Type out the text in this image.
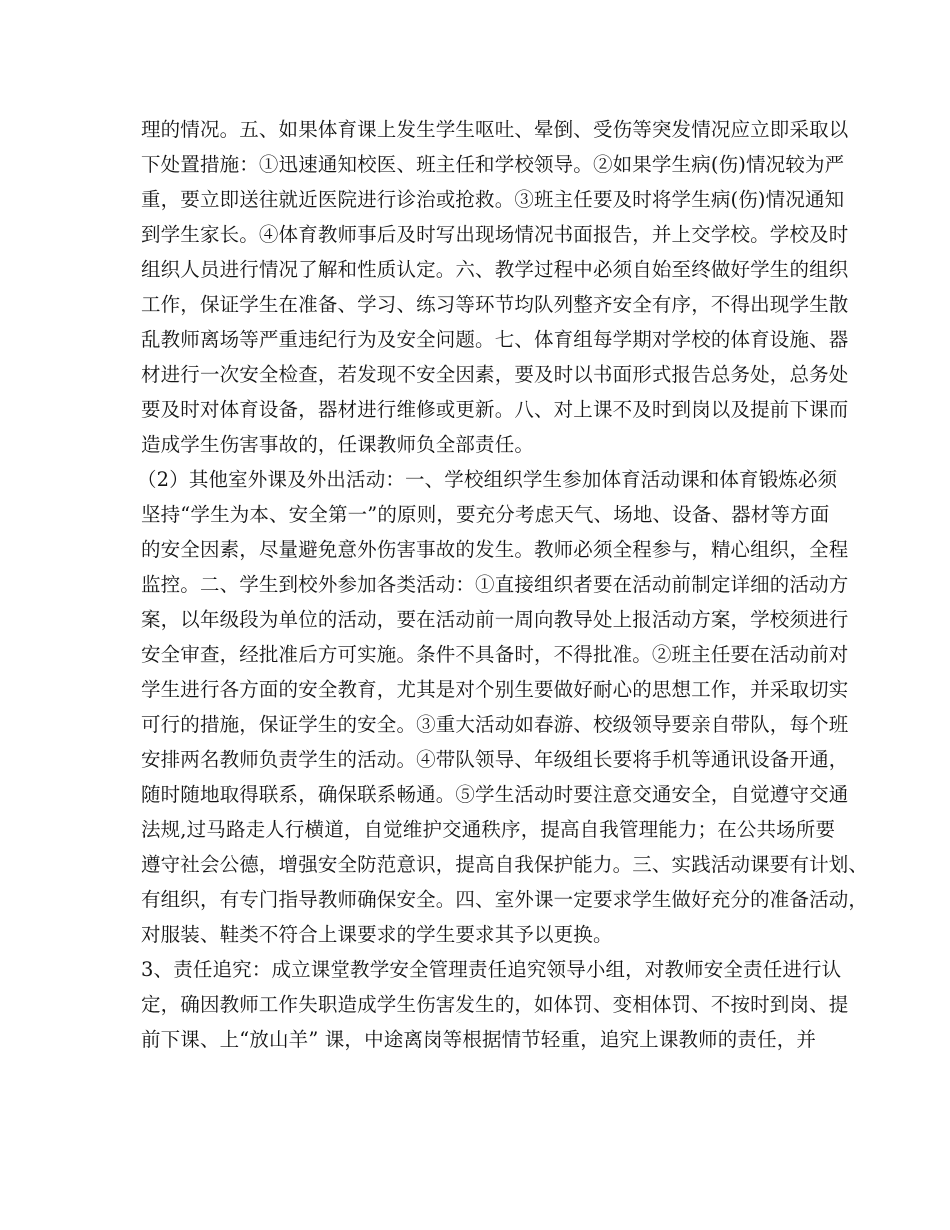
理的情况。五、如果体育课上发生学生呕吐、晕倒、受伤等突发情况应立即采取以
下处置措施：①迅速通知校医、班主任和学校领导。②如果学生病(伤)情况较为严
重，要立即送往就近医院进行诊治或抢救。③班主任要及时将学生病(伤)情况通知
到学生家长。④体育教师事后及时写出现场情况书面报告，并上交学校。学校及时
组织人员进行情况了解和性质认定。六、教学过程中必须自始至终做好学生的组织
工作，保证学生在准备、学习、练习等环节均队列整齐安全有序，不得出现学生散
乱教师离场等严重违纪行为及安全问题。七、体育组每学期对学校的体育设施、器
材进行一次安全检查，若发现不安全因素，要及时以书面形式报告总务处，总务处
要及时对体育设备，器材进行维修或更新。八、对上课不及时到岗以及提前下课而
造成学生伤害事故的，任课教师负全部责任。
（2）其他室外课及外出活动：一、学校组织学生参加体育活动课和体育锻炼必须
坚持“学生为本、安全第一”的原则，要充分考虑天气、场地、设备、器材等方面
的安全因素，尽量避免意外伤害事故的发生。教师必须全程参与，精心组织，全程
监控。二、学生到校外参加各类活动：①直接组织者要在活动前制定详细的活动方
案，以年级段为单位的活动，要在活动前一周向教导处上报活动方案，学校须进行
安全审查，经批准后方可实施。条件不具备时，不得批准。②班主任要在活动前对
学生进行各方面的安全教育，尤其是对个别生要做好耐心的思想工作，并采取切实
可行的措施，保证学生的安全。③重大活动如春游、校级领导要亲自带队，每个班
安排两名教师负责学生的活动。④带队领导、年级组长要将手机等通讯设备开通，
随时随地取得联系，确保联系畅通。⑤学生活动时要注意交通安全，自觉遵守交通
法规,过马路走人行横道，自觉维护交通秩序，提高自我管理能力；在公共场所要
遵守社会公德，增强安全防范意识，提高自我保护能力。三、实践活动课要有计划、
有组织，有专门指导教师确保安全。四、室外课一定要求学生做好充分的准备活动，
对服装、鞋类不符合上课要求的学生要求其予以更换。
3、责任追究：成立课堂教学安全管理责任追究领导小组，对教师安全责任进行认
定，确因教师工作失职造成学生伤害发生的，如体罚、变相体罚、不按时到岗、提
前下课、上“放山羊” 课，中途离岗等根据情节轻重，追究上课教师的责任，并
